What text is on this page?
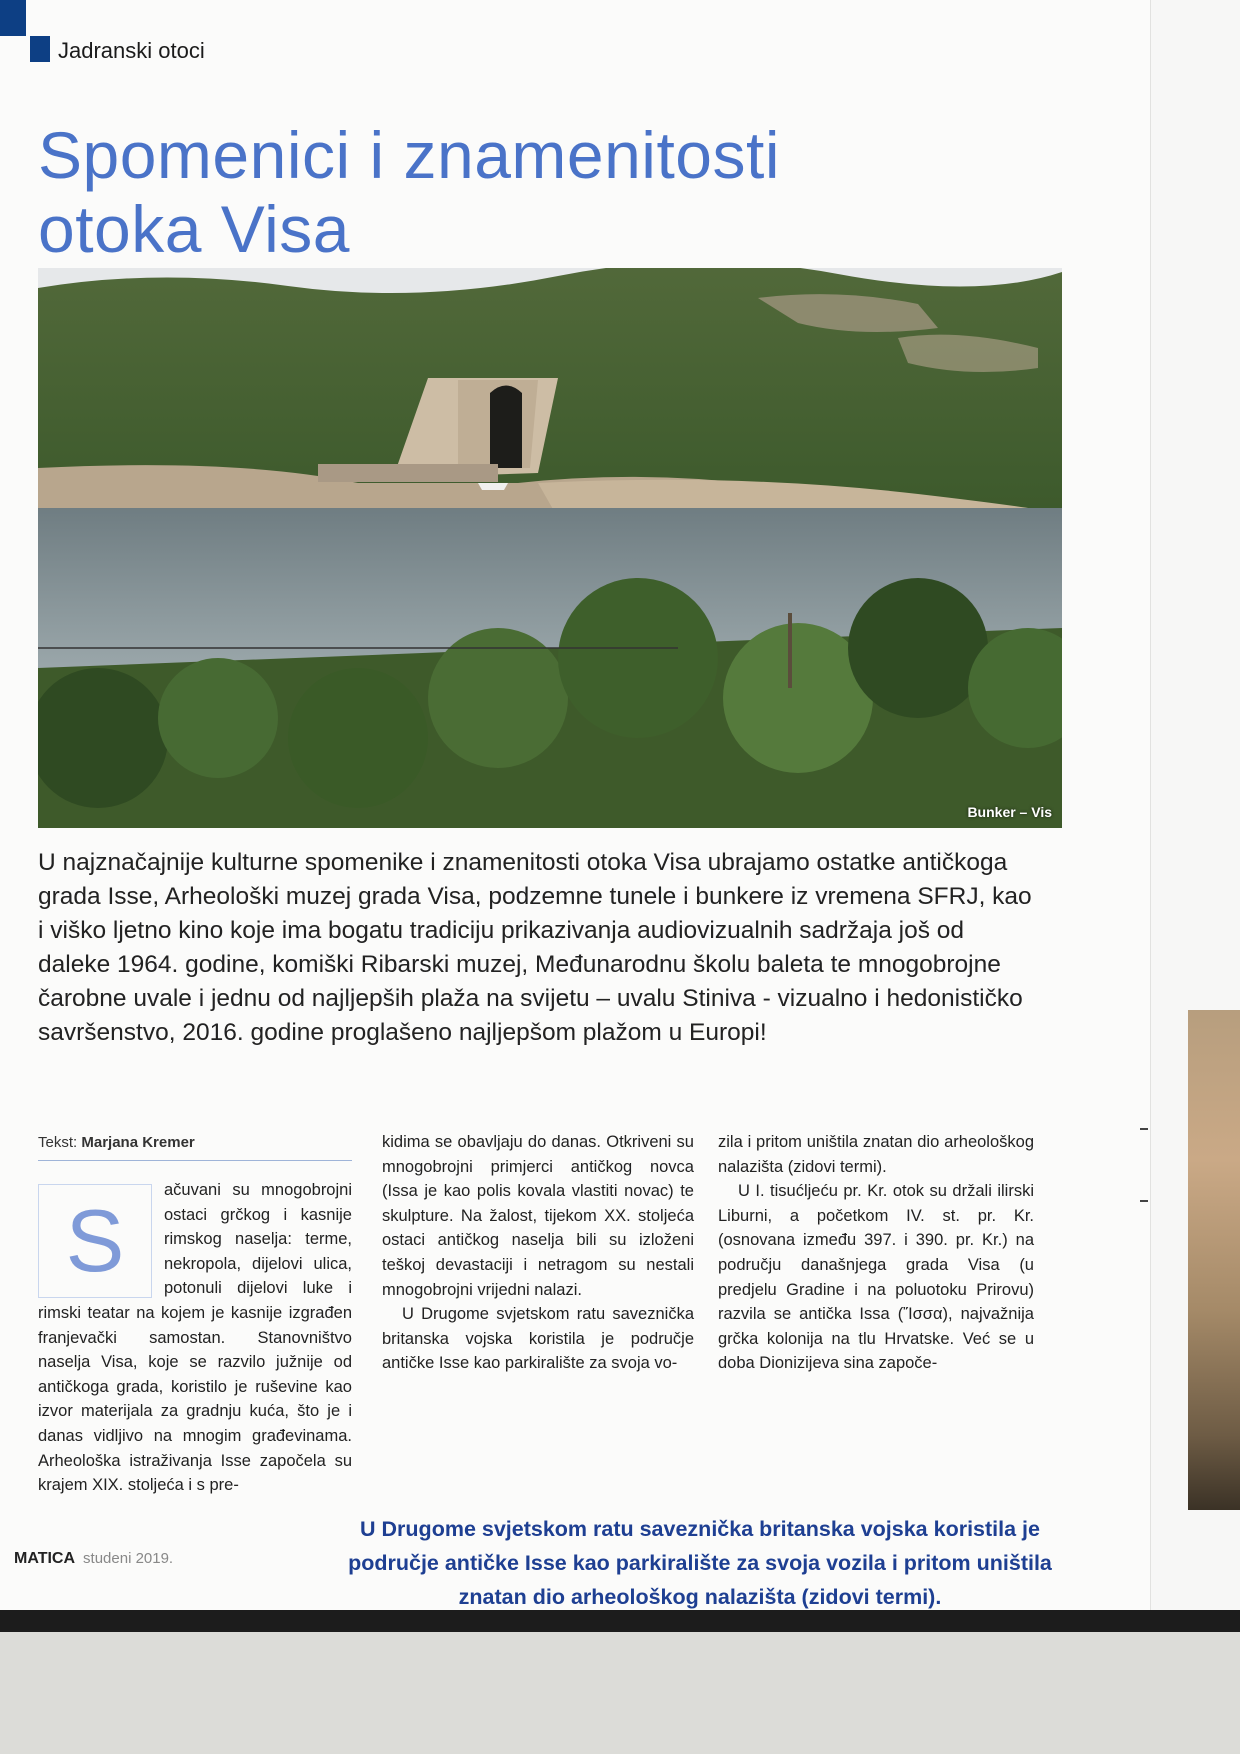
Jadranski otoci
Spomenici i znamenitosti
otoka Visa
Bunker – Vis
U najznačajnije kulturne spomenike i znamenitosti otoka Visa ubrajamo ostatke antičkoga grada Isse, Arheološki muzej grada Visa, podzemne tunele i bunkere iz vremena SFRJ, kao i viško ljetno kino koje ima bogatu tradiciju prikazivanja audiovizualnih sadržaja još od daleke 1964. godine, komiški Ribarski muzej, Međunarodnu školu baleta te mnogobrojne čarobne uvale i jednu od najljepših plaža na svijetu – uvalu Stiniva - vizualno i hedonističko savršenstvo, 2016. godine proglašeno najljepšom plažom u Europi!
Tekst: Marjana Kremer
S
ačuvani su mnogobrojni ostaci grčkog i kasnije rimskog naselja: terme, nekropola, dijelovi ulica, potonuli dijelovi luke i rimski teatar na kojem je kasnije izgrađen franjevački samostan. Stanovništvo naselja Visa, koje se razvilo južnije od antičkoga grada, koristilo je ruševine kao izvor materijala za gradnju kuća, što je i danas vidljivo na mnogim građevinama. Arheološka istraživanja Isse započela su krajem XIX. stoljeća i s pre-
kidima se obavljaju do danas. Otkriveni su mnogobrojni primjerci antičkog novca (Issa je kao polis kovala vlastiti novac) te skulpture. Na žalost, tijekom XX. stoljeća ostaci antičkog naselja bili su izloženi teškoj devastaciji i netragom su nestali mnogobrojni vrijedni nalazi.
U Drugome svjetskom ratu saveznička britanska vojska koristila je područje antičke Isse kao parkiralište za svoja vo-
zila i pritom uništila znatan dio arheološkog nalazišta (zidovi termi).
U I. tisućljeću pr. Kr. otok su držali ilirski Liburni, a početkom IV. st. pr. Kr. (osnovana između 397. i 390. pr. Kr.) na području današnjega grada Visa (u predjelu Gradine i na poluotoku Prirovu) razvila se antička Issa (Ἴσσα), najvažnija grčka kolonija na tlu Hrvatske. Već se u doba Dionizijeva sina započe-
U Drugome svjetskom ratu saveznička britanska vojska koristila je područje antičke Isse kao parkiralište za svoja vozila i pritom uništila znatan dio arheološkog nalazišta (zidovi termi).
MATICA studeni 2019.
